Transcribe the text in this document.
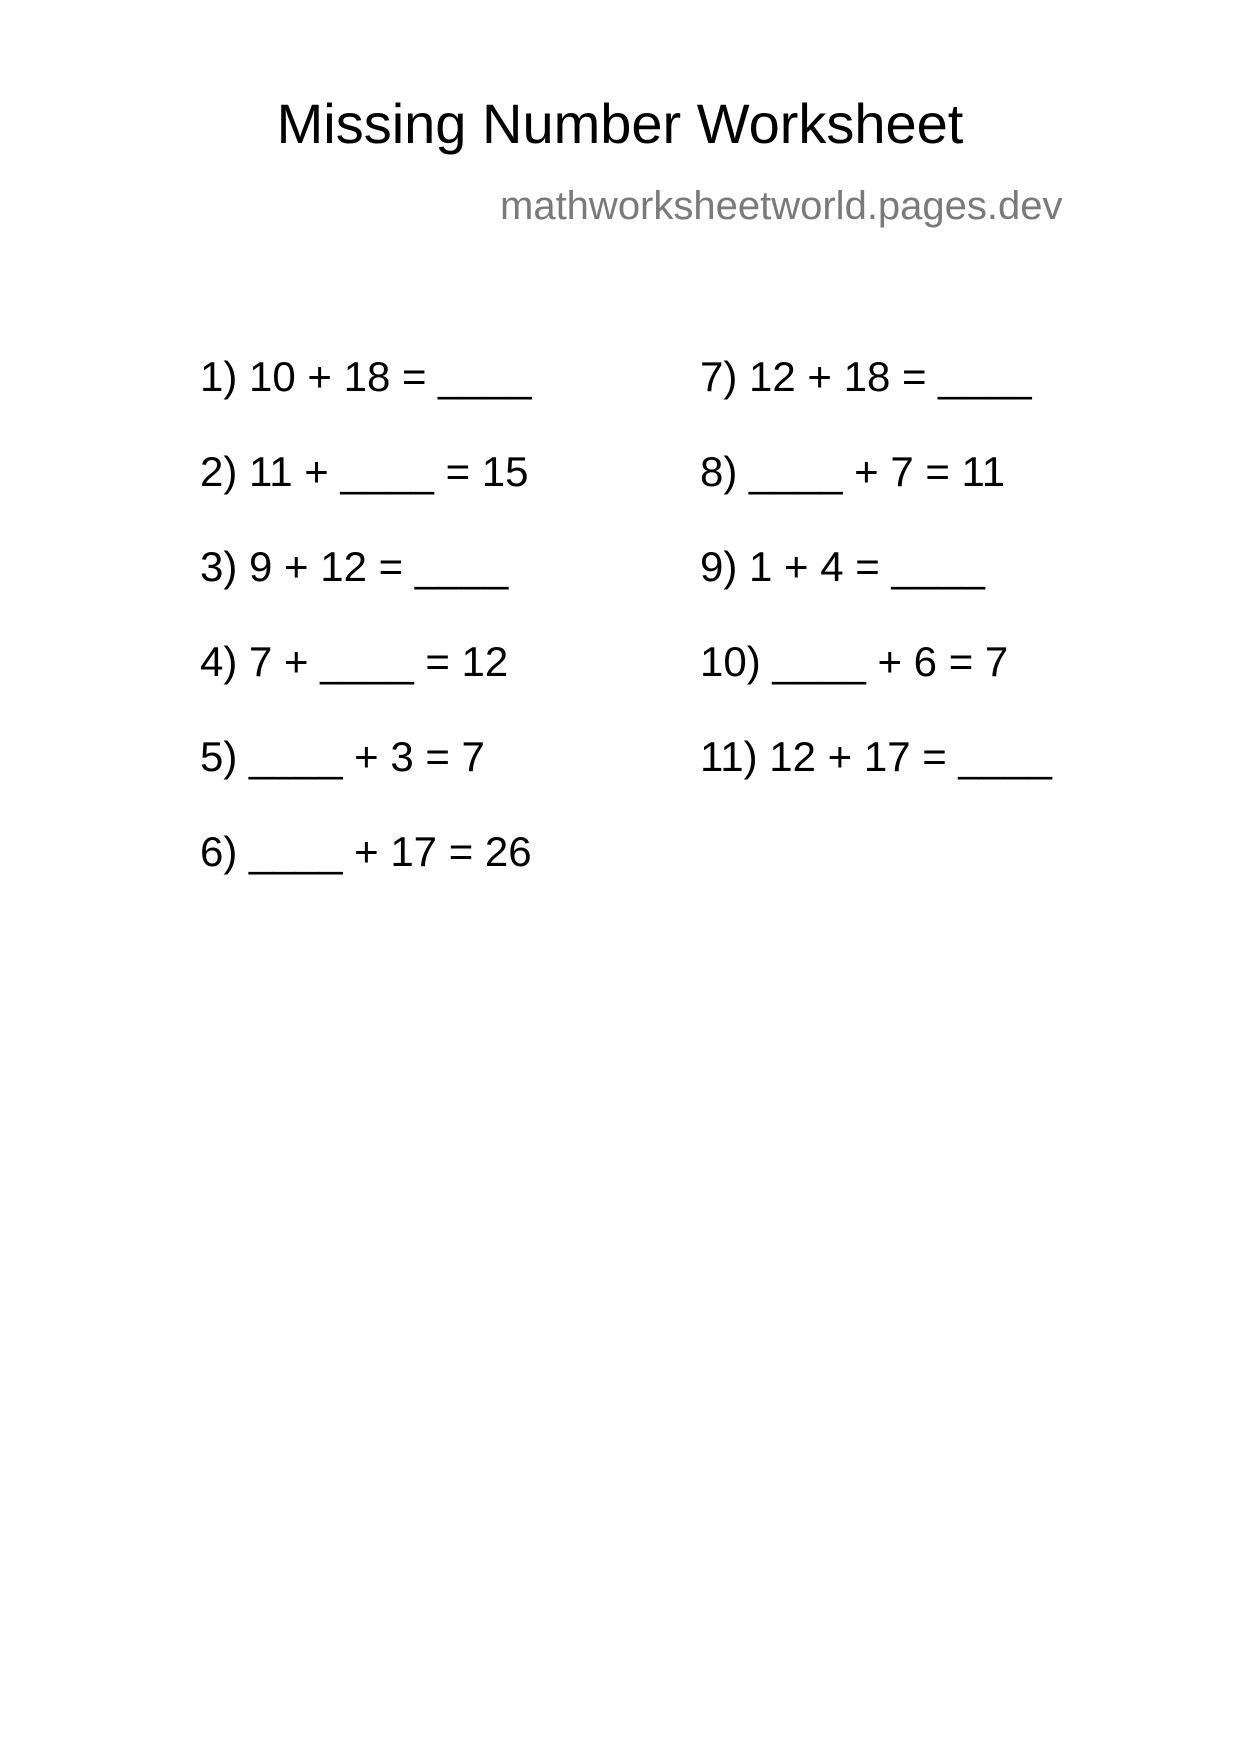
Missing Number Worksheet
mathworksheetworld.pages.dev
1) 10 + 18 = ____
2) 11 + ____ = 15
3) 9 + 12 = ____
4) 7 + ____ = 12
5) ____ + 3 = 7
6) ____ + 17 = 26
7) 12 + 18 = ____
8) ____ + 7 = 11
9) 1 + 4 = ____
10) ____ + 6 = 7
11) 12 + 17 = ____
